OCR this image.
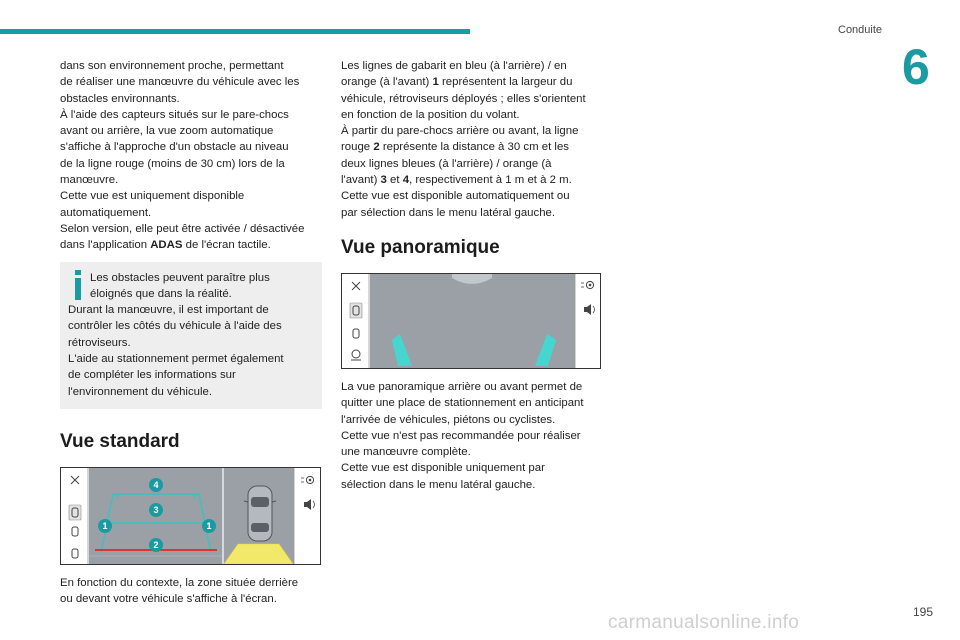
Conduite
6

dans son environnement proche, permettant
de réaliser une manœuvre du véhicule avec les
obstacles environnants.
À l'aide des capteurs situés sur le pare-chocs
avant ou arrière, la vue zoom automatique
s'affiche à l'approche d'un obstacle au niveau
de la ligne rouge (moins de 30 cm) lors de la
manœuvre.
Cette vue est uniquement disponible
automatiquement.

Selon version, elle peut être activée / désactivée
dans l'application ADAS de l'écran tactile.

Les obstacles peuvent paraître plus
éloignés que dans la réalité.

Durant la manœuvre, il est important de
contrôler les côtés du véhicule à l'aide des
rétroviseurs.
L'aide au stationnement permet également
de compléter les informations sur
l'environnement du véhicule.

Vue standard
4
3
1	1
2

En fonction du contexte, la zone située derrière
ou devant votre véhicule s'affiche à l'écran.

Les lignes de gabarit en bleu (à l'arrière) / en
orange (à l'avant) 1 représentent la largeur du
véhicule, rétroviseurs déployés ; elles s'orientent
en fonction de la position du volant.
À partir du pare-chocs arrière ou avant, la ligne
rouge 2 représente la distance à 30 cm et les
deux lignes bleues (à l'arrière) / orange (à
l'avant) 3 et 4, respectivement à 1 m et à 2 m.
Cette vue est disponible automatiquement ou
par sélection dans le menu latéral gauche.

Vue panoramique

La vue panoramique arrière ou avant permet de
quitter une place de stationnement en anticipant
l'arrivée de véhicules, piétons ou cyclistes.
Cette vue n'est pas recommandée pour réaliser
une manœuvre complète.
Cette vue est disponible uniquement par
sélection dans le menu latéral gauche.

carmanualsonline.info	195
